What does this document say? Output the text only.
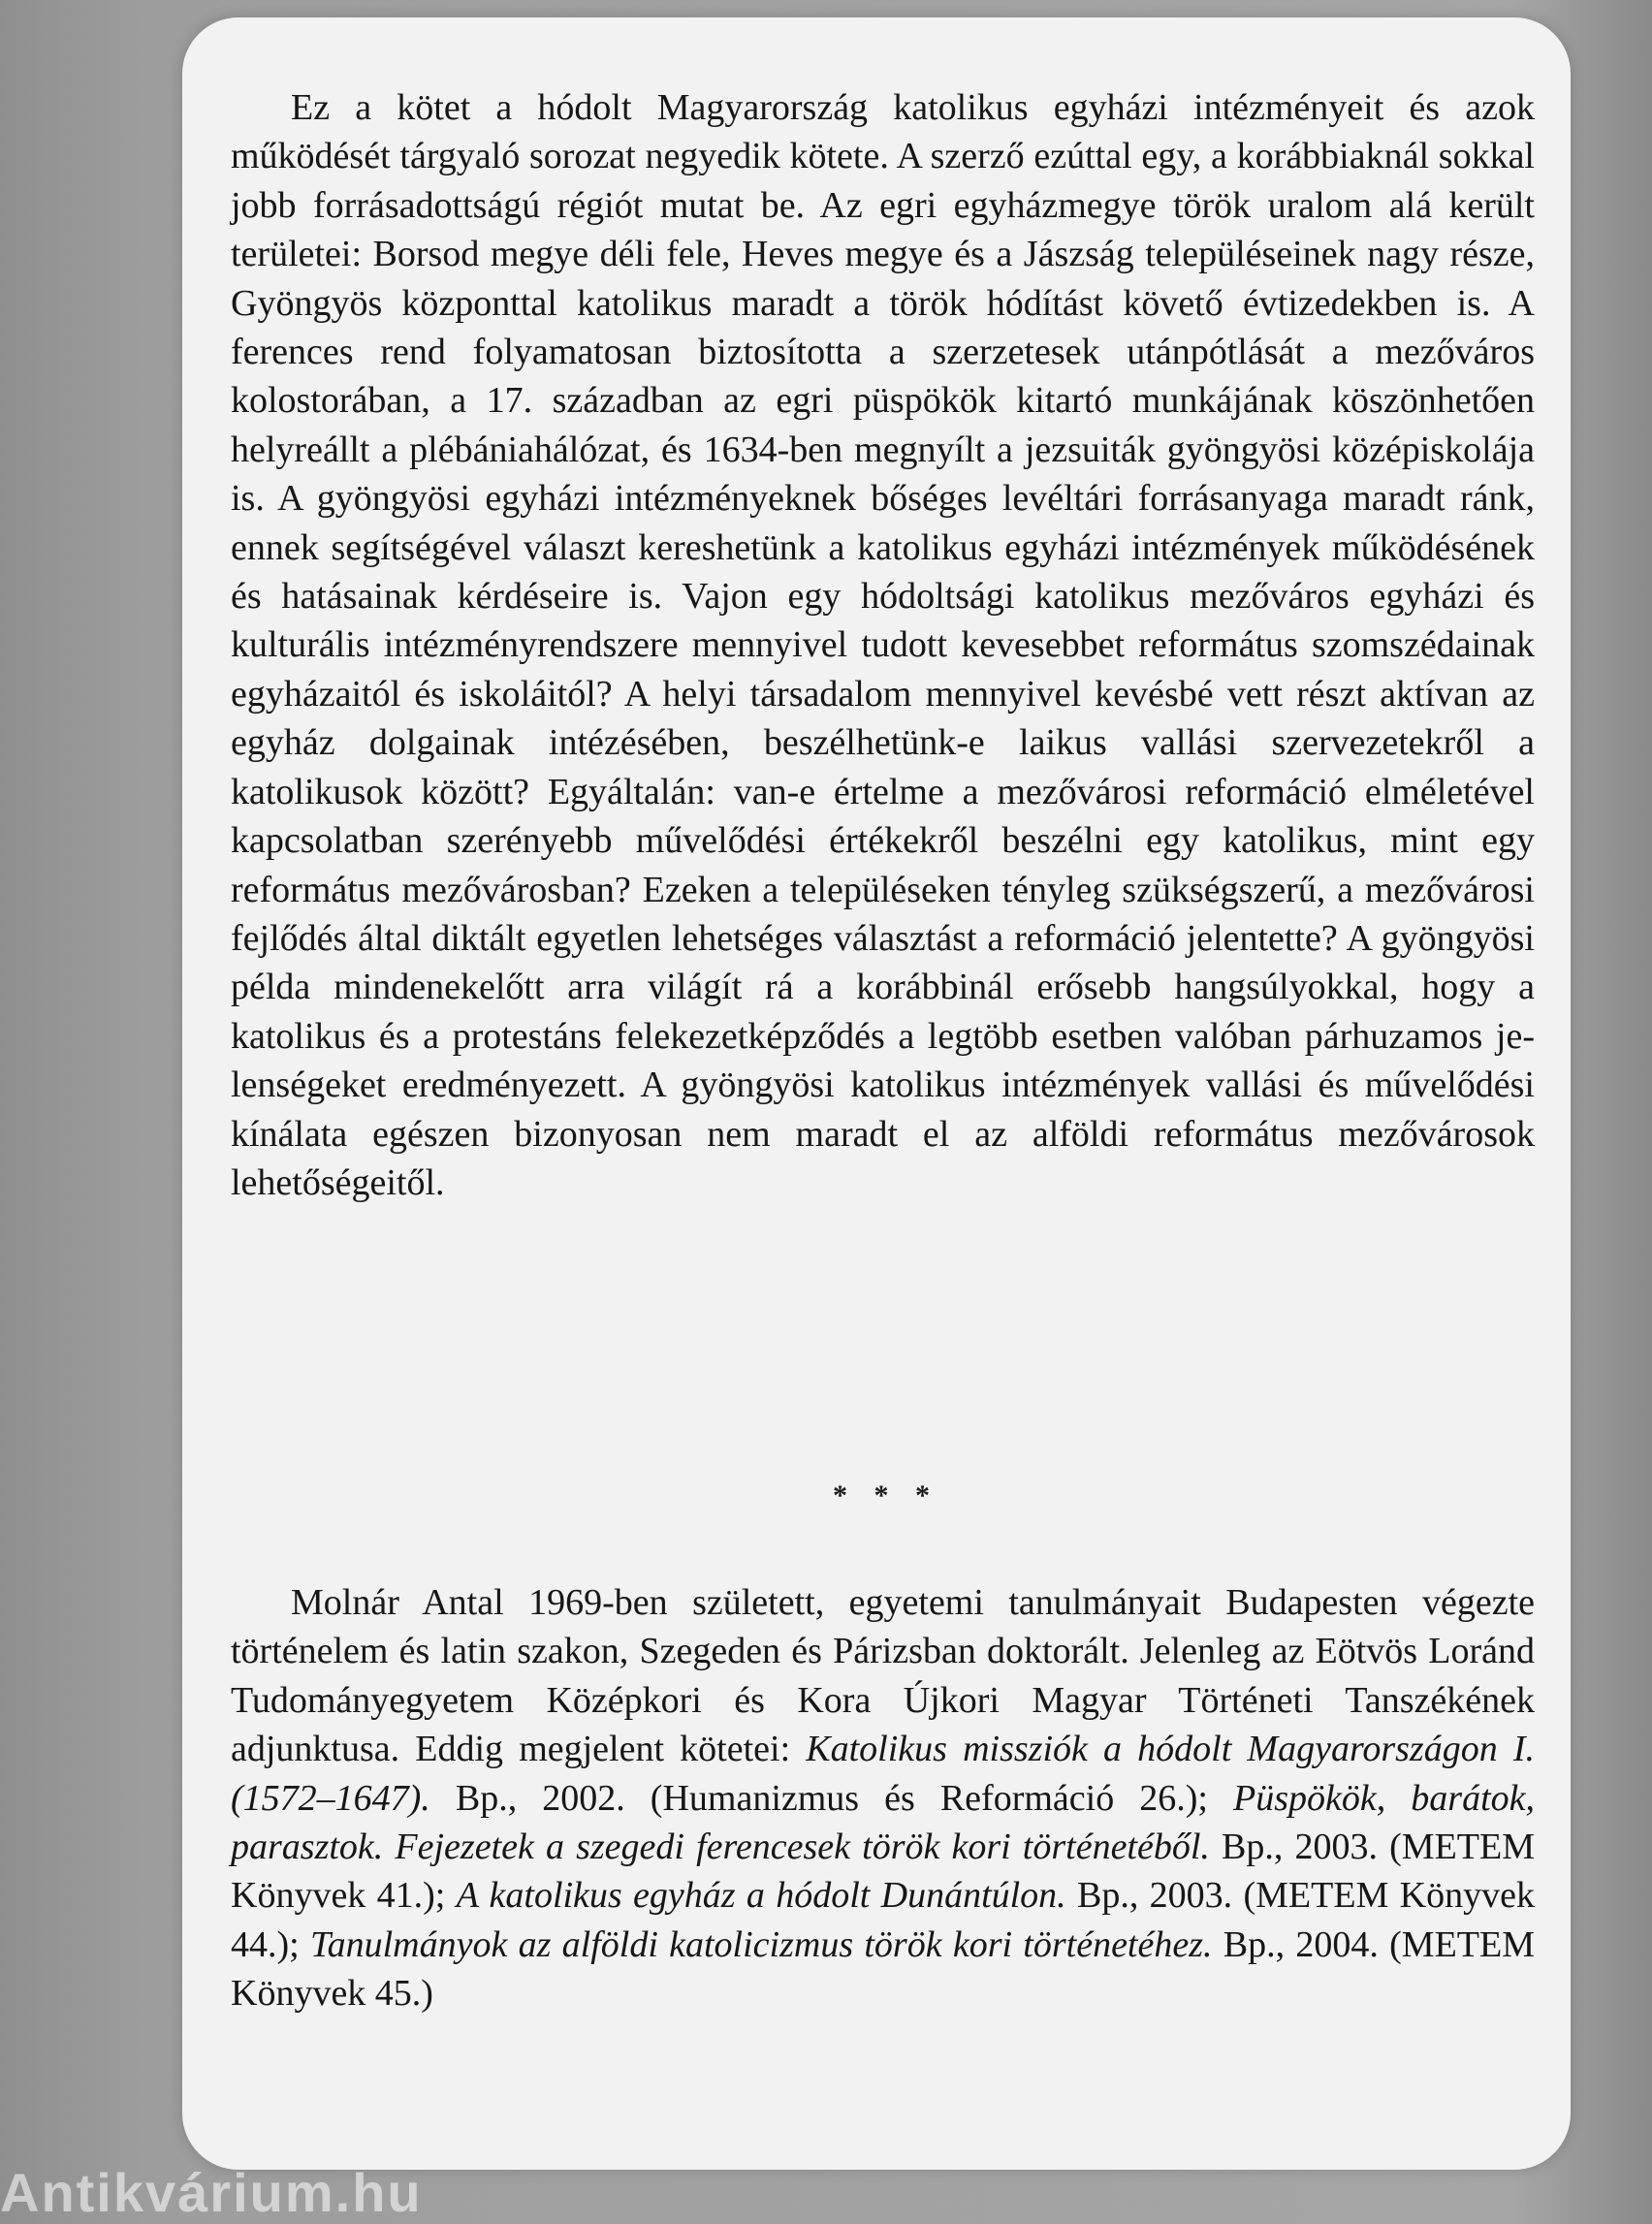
Ez a kötet a hódolt Magyarország katolikus egyházi intézményeit és azok működését tárgyaló sorozat negyedik kötete. A szerző ezúttal egy, a korábbiaknál sokkal jobb forrásadottságú régiót mutat be. Az egri egyházmegye török uralom alá került területei: Borsod megye déli fele, Heves megye és a Jászság településeinek nagy része, Gyöngyös központtal katolikus maradt a török hódítást követő évtizedekben is. A ferences rend folyamatosan biztosította a szerzetesek utánpótlását a mezőváros kolostorában, a 17. században az egri püspökök kitartó munkájának köszönhetően helyreállt a plébániahálózat, és 1634-ben megnyílt a jezsuiták gyöngyösi középiskolája is. A gyöngyösi egyházi intézményeknek bőséges levéltári forrásanyaga maradt ránk, ennek segítségével választ kereshetünk a katolikus egyházi intézmények működésének és hatásainak kérdéseire is. Vajon egy hódoltsági katolikus mezőváros egyházi és kulturális intézményrendszere mennyivel tudott kevesebbet református szomszédainak egyházaitól és iskoláitól? A helyi társadalom mennyivel kevésbé vett részt aktívan az egyház dolgainak intézésében, beszélhetünk-e laikus vallási szervezetekről a katolikusok között? Egyáltalán: van-e értelme a mezővárosi reformáció elméletével kapcsolatban szerényebb művelődési értékekről beszélni egy katolikus, mint egy református mezővárosban? Ezeken a településeken tényleg szükségszerű, a mezővárosi fejlődés által diktált egyetlen lehetséges választást a reformáció jelentette? A gyöngyösi példa mindenekelőtt arra világít rá a korábbinál erősebb hangsúlyokkal, hogy a katolikus és a protestáns felekezetképződés a legtöbb esetben valóban párhuzamos jelenségeket eredményezett. A gyöngyösi katolikus intézmények vallási és művelődési kínálata egészen bizonyosan nem maradt el az alföldi református mezővárosok lehetőségeitől.
* * *
Molnár Antal 1969-ben született, egyetemi tanulmányait Budapesten végezte történelem és latin szakon, Szegeden és Párizsban doktorált. Jelenleg az Eötvös Loránd Tudományegyetem Középkori és Kora Újkori Magyar Történeti Tanszékének adjunktusa. Eddig megjelent kötetei: Katolikus missziók a hódolt Magyarországon I. (1572–1647). Bp., 2002. (Humanizmus és Reformáció 26.); Püspökök, barátok, parasztok. Fejezetek a szegedi ferencesek török kori történetéből. Bp., 2003. (METEM Könyvek 41.); A katolikus egyház a hódolt Dunántúlon. Bp., 2003. (METEM Könyvek 44.); Tanulmányok az alföldi katolicizmus török kori történetéhez. Bp., 2004. (METEM Könyvek 45.)
Antikvárium.hu
